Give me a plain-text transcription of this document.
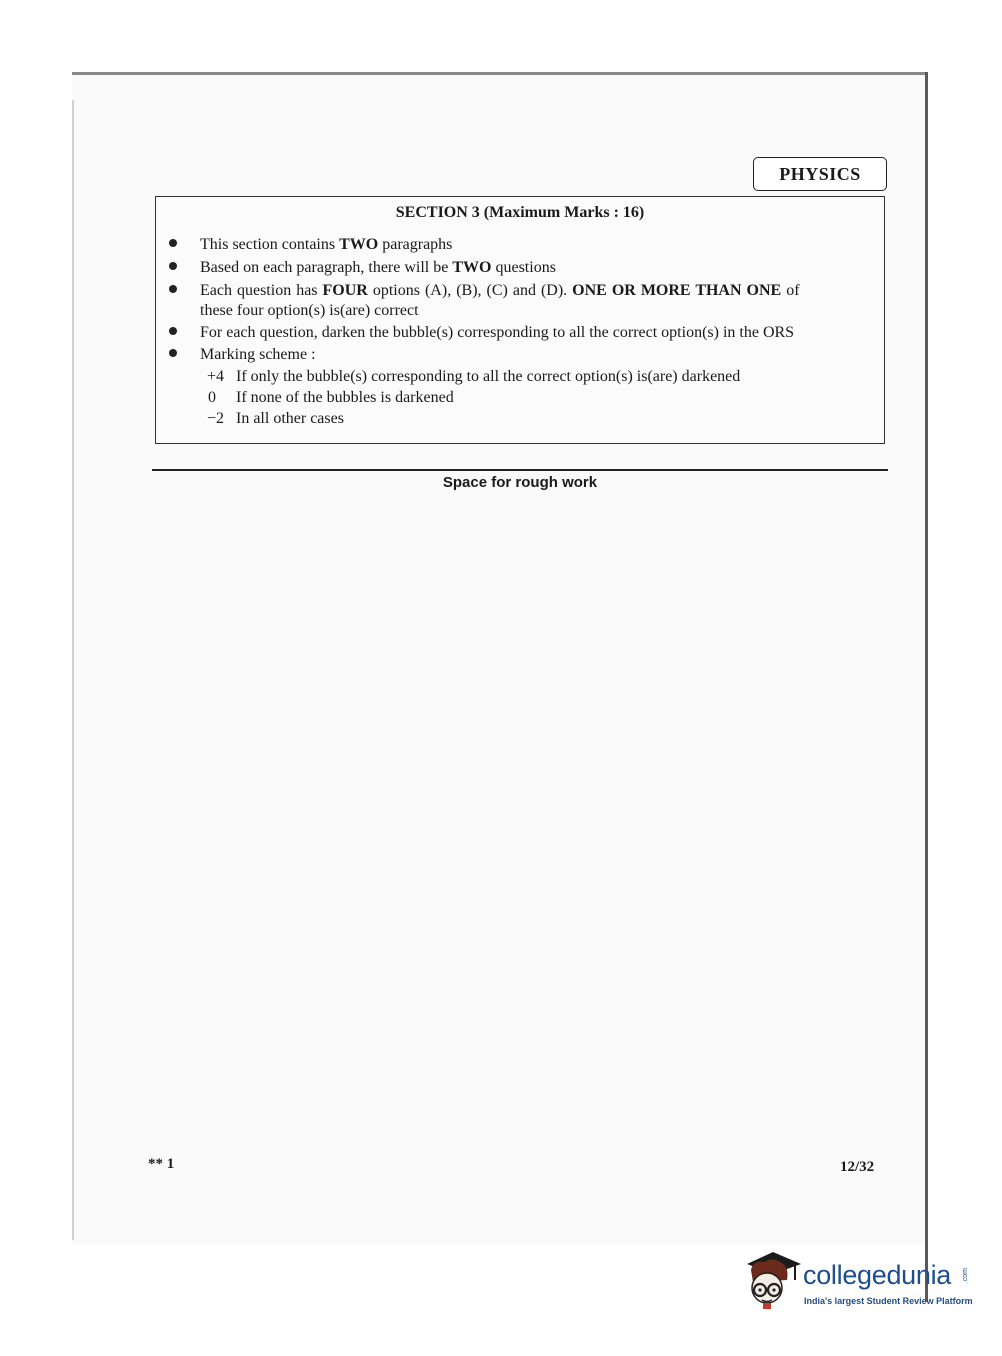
PHYSICS
SECTION 3 (Maximum Marks : 16)
This section contains TWO paragraphs
Based on each paragraph, there will be TWO questions
Each question has FOUR options (A), (B), (C) and (D). ONE OR MORE THAN ONE of
these four option(s) is(are) correct
For each question, darken the bubble(s) corresponding to all the correct option(s) in the ORS
Marking scheme :
+4 If only the bubble(s) corresponding to all the correct option(s) is(are) darkened
0 If none of the bubbles is darkened
−2 In all other cases
Space for rough work
** 1	12/32
collegedunia .com
India's largest Student Review Platform
